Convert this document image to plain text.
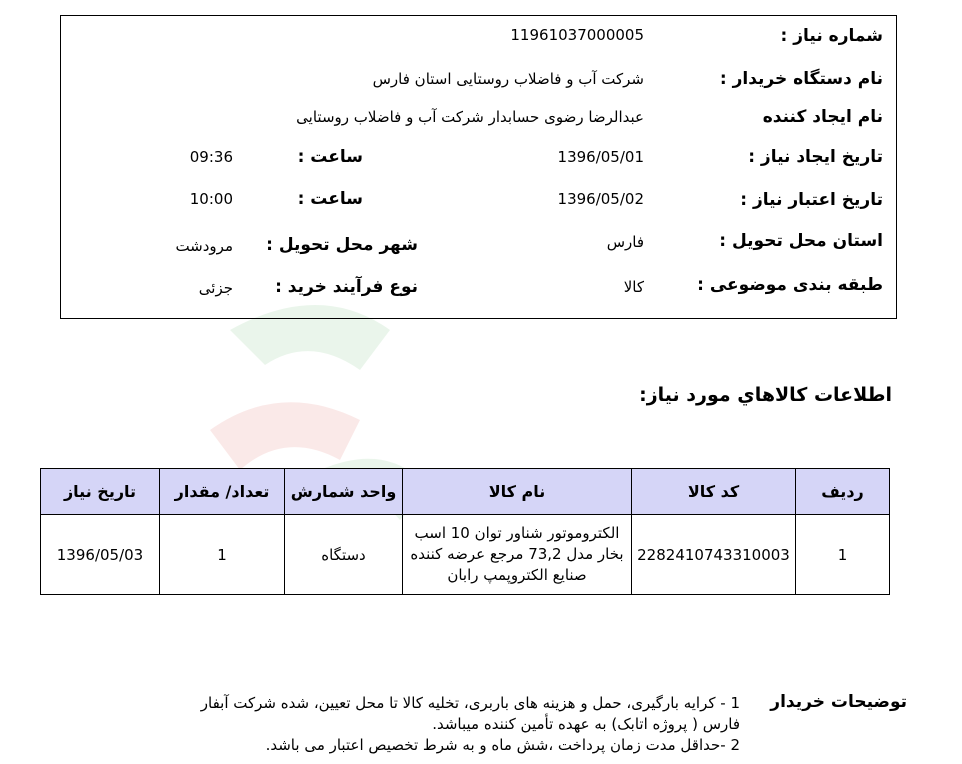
شماره نیاز :
11961037000005
نام دستگاه خریدار :
شرکت آب و فاضلاب روستایی استان فارس
نام ایجاد کننده
عبدالرضا رضوی حسابدار شرکت آب و فاضلاب روستایی
تاریخ ایجاد نیاز :
1396/05/01
ساعت :
09:36
تاریخ اعتبار نیاز :
1396/05/02
ساعت :
10:00
استان محل تحویل :
فارس
شهر محل تحویل :
مرودشت
طبقه بندی موضوعی :
کالا
نوع فرآیند خرید :
جزئی
اطلاعات كالاهاي مورد نياز:
ردیف	کد کالا	نام کالا	واحد شمارش	تعداد/ مقدار	تاریخ نیاز
1	2282410743310003	الکتروموتور شناور توان 10 اسب بخار مدل 73,2 مرجع عرضه کننده صنایع الکتروپمپ رابان	دستگاه	1	1396/05/03
توضیحات خریدار
1 - کرایه بارگیری، حمل و هزینه های باربری، تخلیه کالا تا محل تعیین، شده شرکت آبفار فارس ( پروژه اتابک) به عهده تأمین کننده میباشد.
2 -حداقل مدت زمان پرداخت ،شش ماه و به شرط تخصیص اعتبار می باشد.
